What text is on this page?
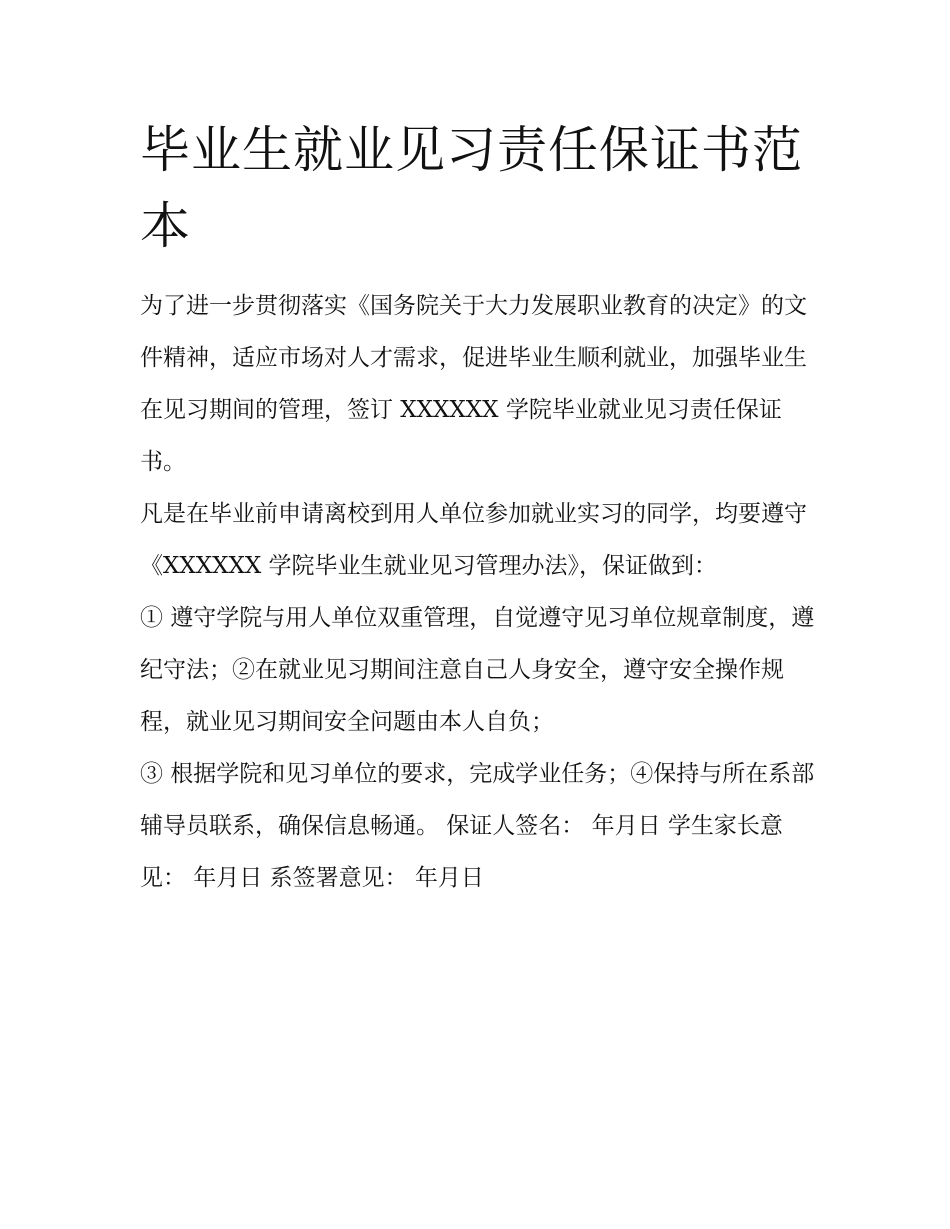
毕业生就业见习责任保证书范本

为了进一步贯彻落实《国务院关于大力发展职业教育的决定》的文件精神，适应市场对人才需求，促进毕业生顺利就业，加强毕业生在见习期间的管理，签订 XXXXXX 学院毕业就业见习责任保证书。

凡是在毕业前申请离校到用人单位参加就业实习的同学，均要遵守《XXXXXX 学院毕业生就业见习管理办法》，保证做到：

① 遵守学院与用人单位双重管理，自觉遵守见习单位规章制度，遵纪守法；②在就业见习期间注意自己人身安全，遵守安全操作规程，就业见习期间安全问题由本人自负；

③ 根据学院和见习单位的要求，完成学业任务；④保持与所在系部辅导员联系，确保信息畅通。 保证人签名： 年月日 学生家长意见： 年月日 系签署意见： 年月日
